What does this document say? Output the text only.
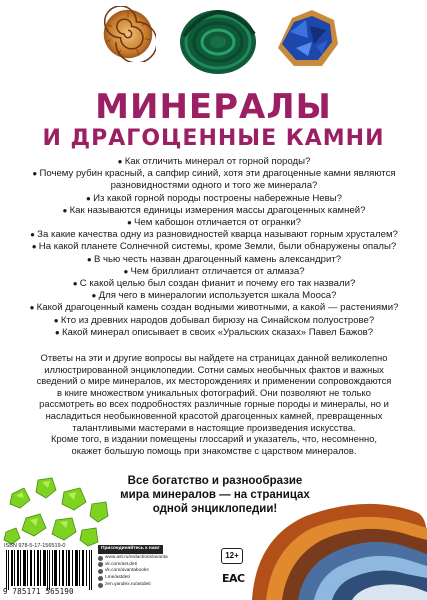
МИНЕРАЛЫ
И ДРАГОЦЕННЫЕ КАМНИ
● Как отличить минерал от горной породы?
● Почему рубин красный, а сапфир синий, хотя эти драгоценные камни являются разновидностями одного и того же минерала?
● Из какой горной породы построены набережные Невы?
● Как называются единицы измерения массы драгоценных камней?
● Чем кабошон отличается от огранки?
● За какие качества одну из разновидностей кварца называют горным хрусталем?
● На какой планете Солнечной системы, кроме Земли, были обнаружены опалы?
● В чью честь назван драгоценный камень александрит?
● Чем бриллиант отличается от алмаза?
● С какой целью был создан фианит и почему его так назвали?
● Для чего в минералогии используется шкала Мооса?
● Какой драгоценный камень создан водными животными, а какой — растениями?
● Кто из древних народов добывал бирюзу на Синайском полуострове?
● Какой минерал описывает в своих «Уральских сказах» Павел Бажов?

Ответы на эти и другие вопросы вы найдете на страницах данной великолепно иллюстрированной энциклопедии. Сотни самых необычных фактов и важных сведений о мире минералов, их месторождениях и применении сопровождаются в книге множеством уникальных фотографий. Они позволяют не только рассмотреть во всех подробностях различные горные породы и минералы, но и насладиться необыкновенной красотой драгоценных камней, превращенных талантливыми мастерами в настоящие произведения искусства.

Кроме того, в издании помещены глоссарий и указатель, что, несомненно, окажет большую помощь при знакомстве с царством минералов.

Все богатство и разнообразие мира минералов — на страницах одной энциклопедии!
ISBN 978-5-17-156519-0
9 785171 565190
Присоединяйтесь к нам!
www.ast.ru/redactions/avanta
vk.com/ast.deti
vk.com/avantabooks
t.me/astdeti
zen.yandex.ru/astdeti
12+
ЕАС
